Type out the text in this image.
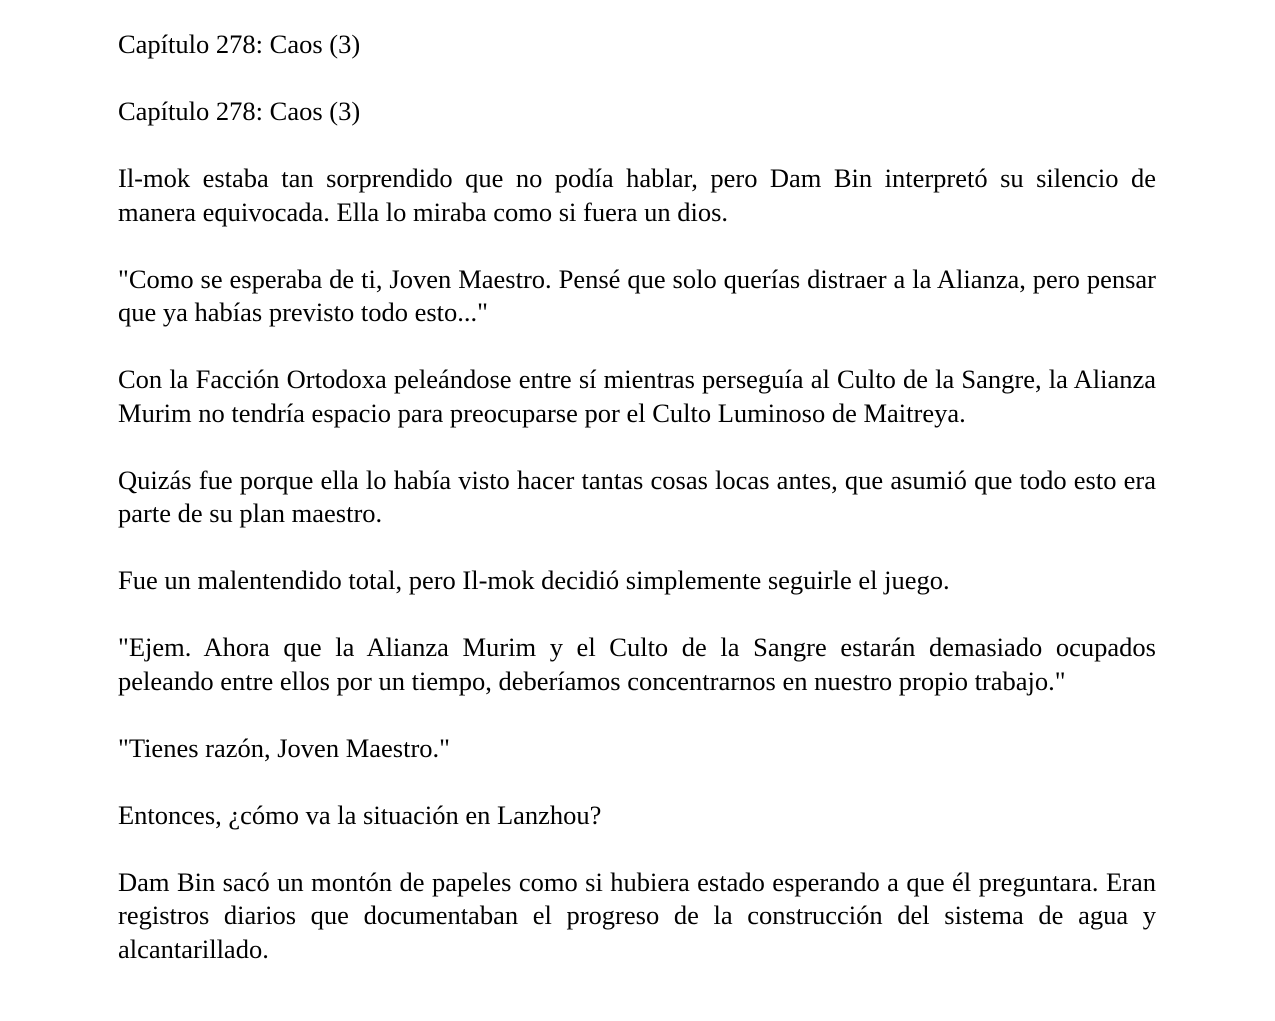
Capítulo 278: Caos (3)

Capítulo 278: Caos (3)

Il-mok estaba tan sorprendido que no podía hablar, pero Dam Bin interpretó su silencio de manera equivocada. Ella lo miraba como si fuera un dios.

"Como se esperaba de ti, Joven Maestro. Pensé que solo querías distraer a la Alianza, pero pensar que ya habías previsto todo esto..."

Con la Facción Ortodoxa peleándose entre sí mientras perseguía al Culto de la Sangre, la Alianza Murim no tendría espacio para preocuparse por el Culto Luminoso de Maitreya.

Quizás fue porque ella lo había visto hacer tantas cosas locas antes, que asumió que todo esto era parte de su plan maestro.

Fue un malentendido total, pero Il-mok decidió simplemente seguirle el juego.

"Ejem. Ahora que la Alianza Murim y el Culto de la Sangre estarán demasiado ocupados peleando entre ellos por un tiempo, deberíamos concentrarnos en nuestro propio trabajo."

"Tienes razón, Joven Maestro."

Entonces, ¿cómo va la situación en Lanzhou?

Dam Bin sacó un montón de papeles como si hubiera estado esperando a que él preguntara. Eran registros diarios que documentaban el progreso de la construcción del sistema de agua y alcantarillado.
